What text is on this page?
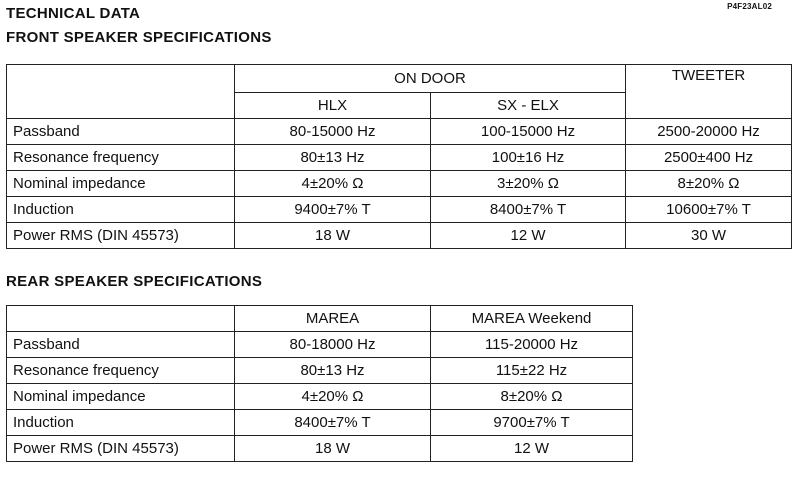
P4F23AL02
TECHNICAL DATA
FRONT SPEAKER SPECIFICATIONS
	ON DOOR		TWEETER
	HLX	SX - ELX	
Passband	80-15000 Hz	100-15000 Hz	2500-20000 Hz
Resonance frequency	80±13 Hz	100±16 Hz	2500±400 Hz
Nominal impedance	4±20% Ω	3±20% Ω	8±20% Ω
Induction	9400±7% T	8400±7% T	10600±7% T
Power RMS (DIN 45573)	18 W	12 W	30 W
REAR SPEAKER SPECIFICATIONS
	MAREA	MAREA Weekend
Passband	80-18000 Hz	115-20000 Hz
Resonance frequency	80±13 Hz	115±22 Hz
Nominal impedance	4±20% Ω	8±20% Ω
Induction	8400±7% T	9700±7% T
Power RMS (DIN 45573)	18 W	12 W
